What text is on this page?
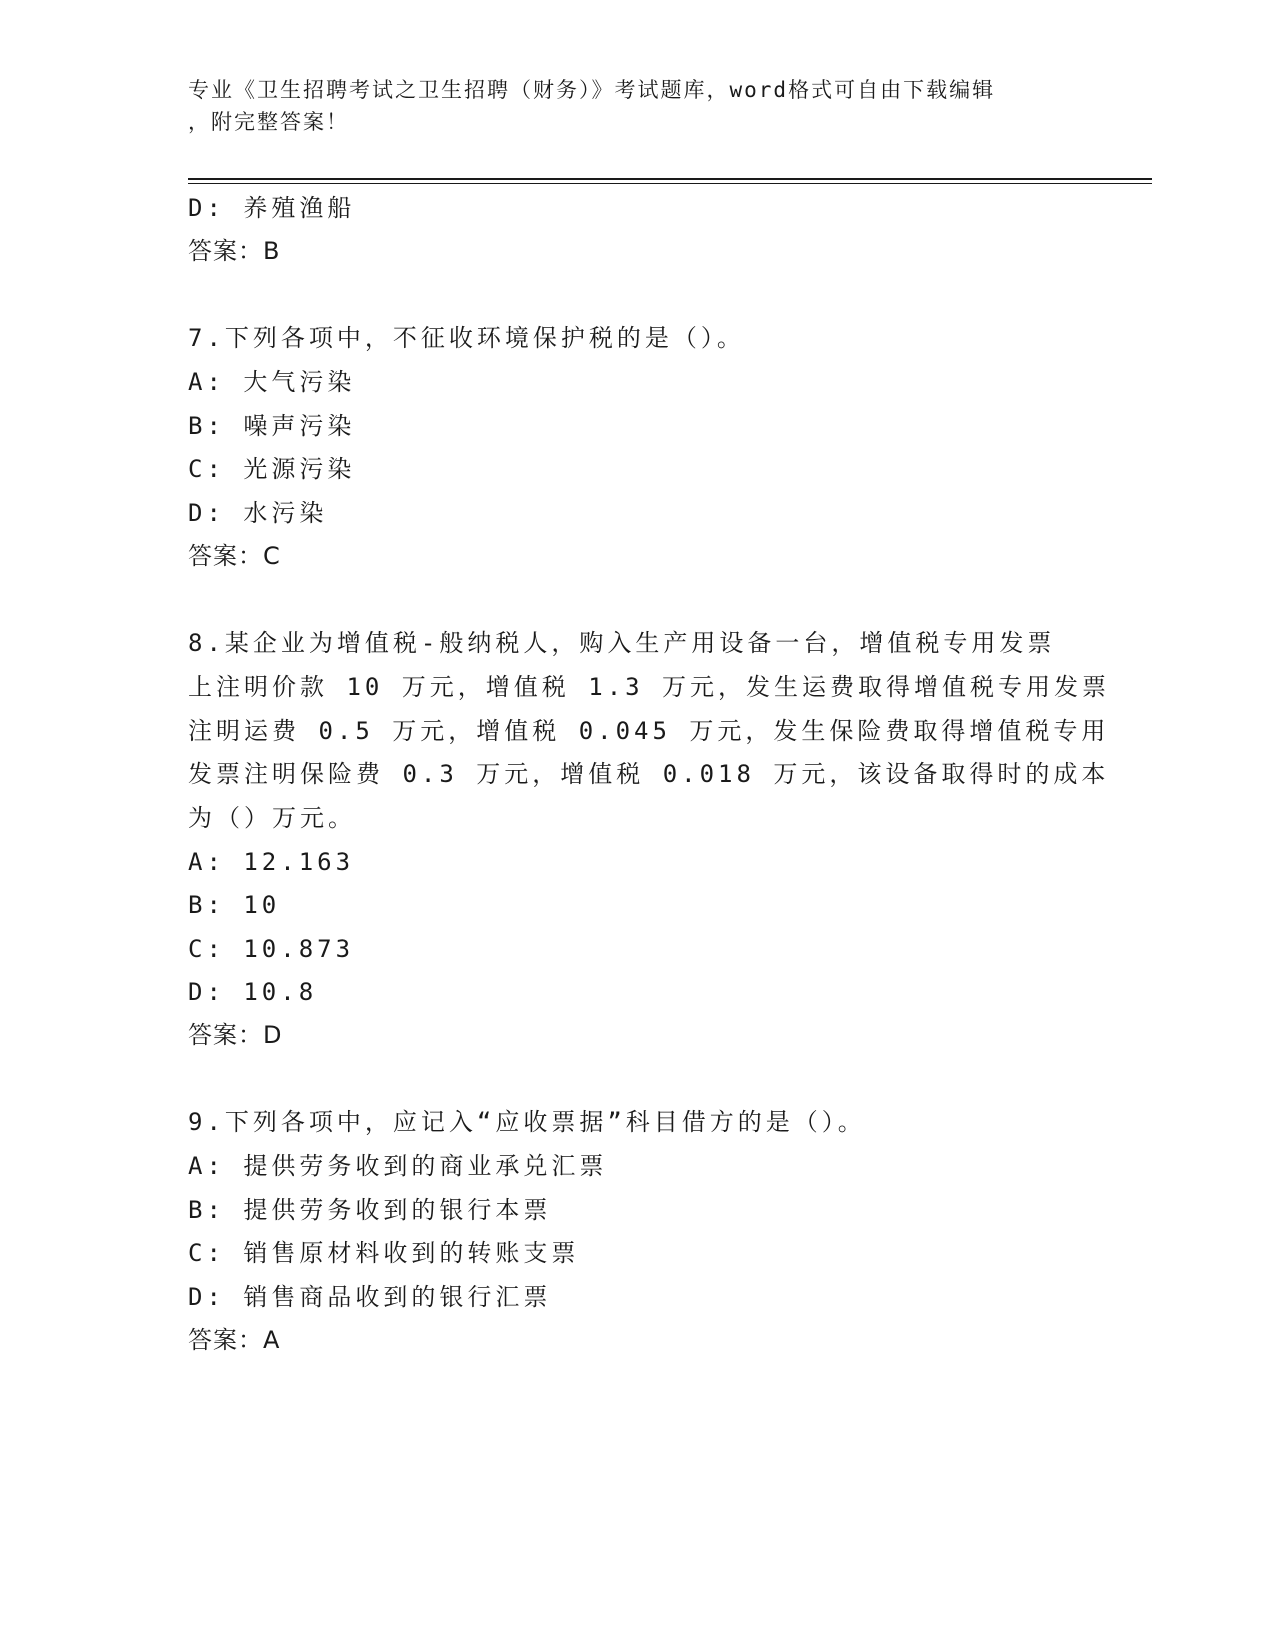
专业《卫生招聘考试之卫生招聘（财务）》考试题库，word格式可自由下载编辑
，附完整答案！
D: 养殖渔船
答案：B
7.下列各项中，不征收环境保护税的是（）。
A: 大气污染
B: 噪声污染
C: 光源污染
D: 水污染
答案：C
8.某企业为增值税-般纳税人，购入生产用设备一台，增值税专用发票
上注明价款 10 万元，增值税 1.3 万元，发生运费取得增值税专用发票
注明运费 0.5 万元，增值税 0.045 万元，发生保险费取得增值税专用
发票注明保险费 0.3 万元，增值税 0.018 万元，该设备取得时的成本
为（）万元。
A: 12.163
B: 10
C: 10.873
D: 10.8
答案：D
9.下列各项中，应记入“应收票据”科目借方的是（）。
A: 提供劳务收到的商业承兑汇票
B: 提供劳务收到的银行本票
C: 销售原材料收到的转账支票
D: 销售商品收到的银行汇票
答案：A
